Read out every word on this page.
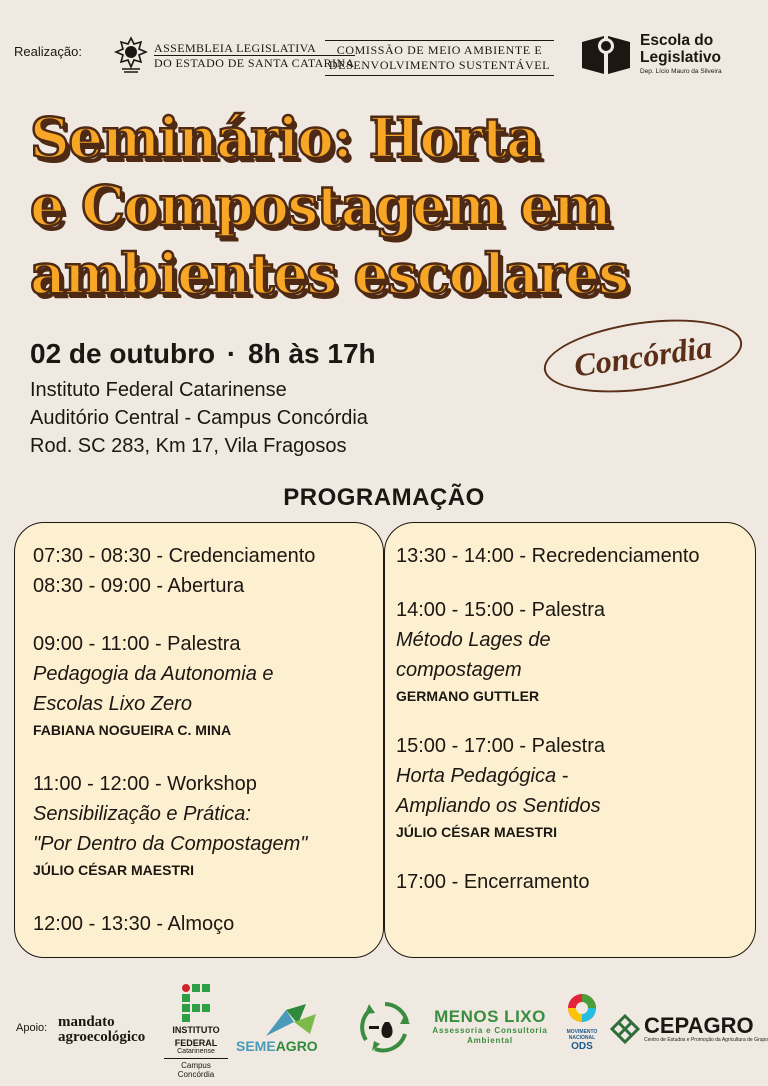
Realização:	ASSEMBLEIA LEGISLATIVA
DO ESTADO DE SANTA CATARINA
COMISSÃO DE MEIO AMBIENTE E
DESENVOLVIMENTO SUSTENTÁVEL
Escola do
Legislativo
Dep. Lício Mauro da Silveira
Seminário: Horta
e Compostagem em
ambientes escolares
02 de outubro · 8h às 17h
Instituto Federal Catarinense
Auditório Central - Campus Concórdia
Rod. SC 283, Km 17, Vila Fragosos
Concórdia
PROGRAMAÇÃO
07:30 - 08:30 - Credenciamento
08:30 - 09:00 - Abertura
09:00 - 11:00 - Palestra
Pedagogia da Autonomia e
Escolas Lixo Zero
FABIANA NOGUEIRA C. MINA
11:00 - 12:00 - Workshop
Sensibilização e Prática:
"Por Dentro da Compostagem"
JÚLIO CÉSAR MAESTRI
12:00 - 13:30 - Almoço
13:30 - 14:00 - Recredenciamento
14:00 - 15:00 - Palestra
Método Lages de
compostagem
GERMANO GUTTLER
15:00 - 17:00 - Palestra
Horta Pedagógica -
Ampliando os Sentidos
JÚLIO CÉSAR MAESTRI
17:00 - Encerramento
Apoio: mandato
agroecológico	INSTITUTO
FEDERAL
Catarinense
Campus
Concórdia
SEMEAGRO
MENOS LIXO
Assessoria e Consultoria
Ambiental
MOVIMENTO
NACIONAL
ODS
CEPAGRO
Centro de Estudos e Promoção da Agricultura de Grupo
